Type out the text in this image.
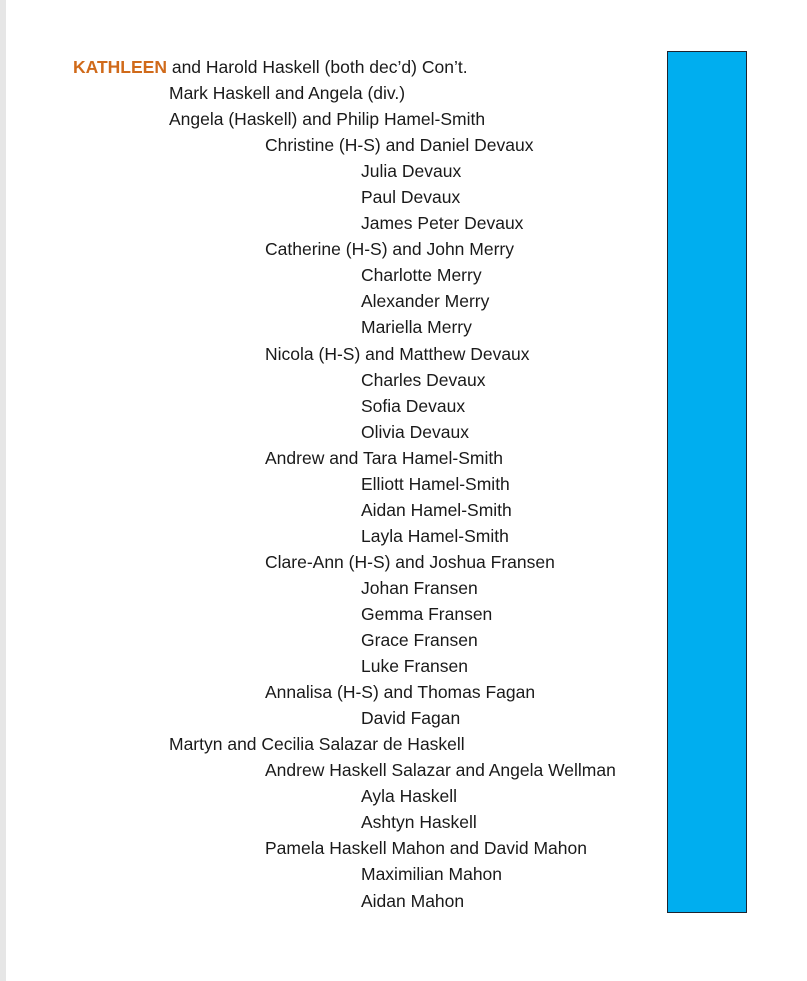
KATHLEEN and Harold Haskell (both dec’d) Con’t.
Mark Haskell and Angela (div.)
Angela (Haskell) and Philip Hamel-Smith
Christine (H-S) and Daniel Devaux
Julia Devaux
Paul Devaux
James Peter Devaux
Catherine (H-S) and John Merry
Charlotte Merry
Alexander Merry
Mariella Merry
Nicola (H-S) and Matthew Devaux
Charles Devaux
Sofia Devaux
Olivia Devaux
Andrew and Tara Hamel-Smith
Elliott Hamel-Smith
Aidan Hamel-Smith
Layla Hamel-Smith
Clare-Ann (H-S) and Joshua Fransen
Johan Fransen
Gemma Fransen
Grace Fransen
Luke Fransen
Annalisa (H-S) and Thomas Fagan
David Fagan
Martyn and Cecilia Salazar de Haskell
Andrew Haskell Salazar and Angela Wellman
Ayla Haskell
Ashtyn Haskell
Pamela Haskell Mahon and David Mahon
Maximilian Mahon
Aidan Mahon
